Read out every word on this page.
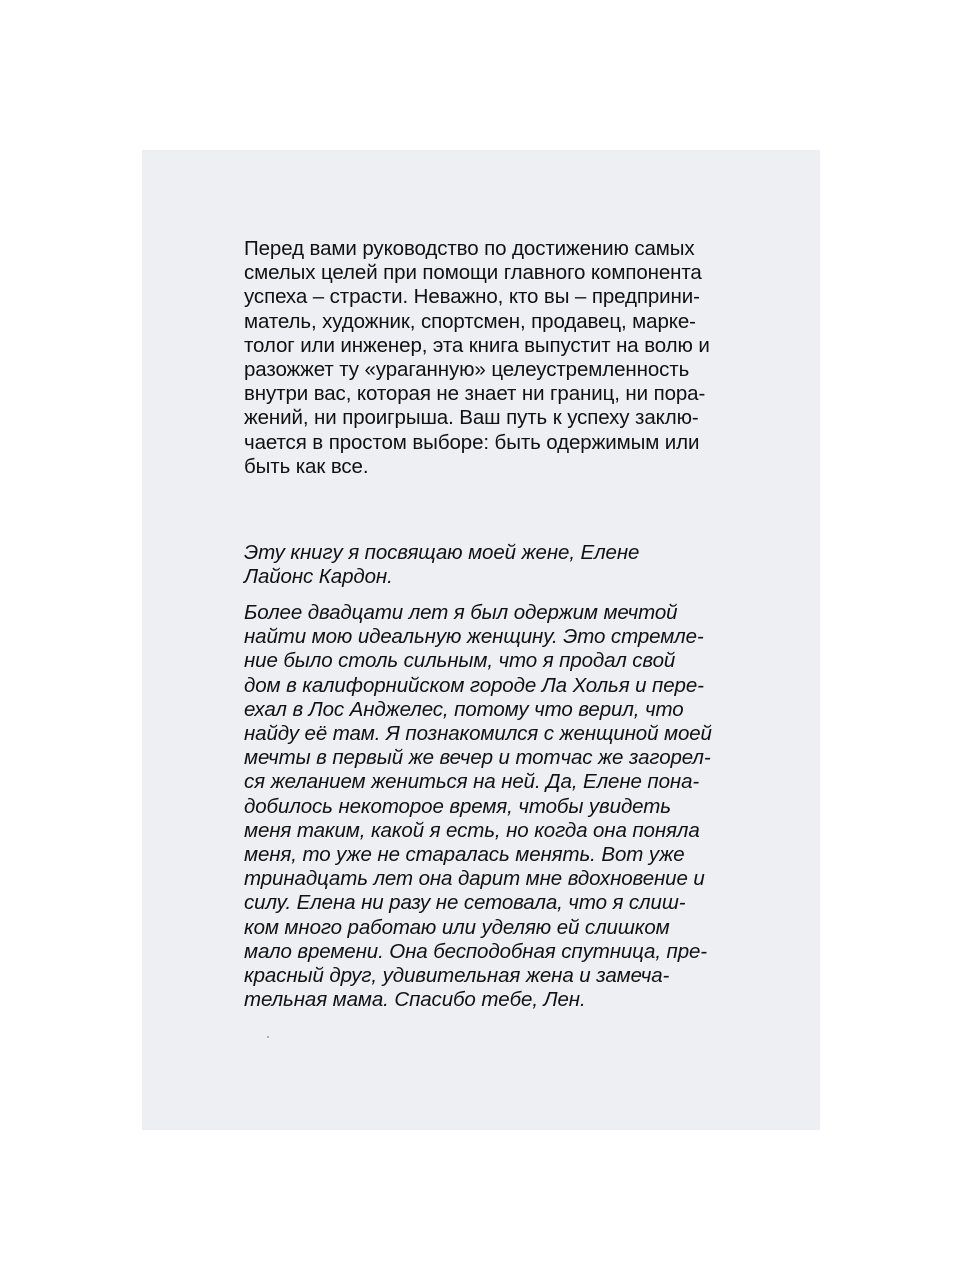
Перед вами руководство по достижению самых
смелых целей при помощи главного компонента
успеха – страсти. Неважно, кто вы – предприни-
матель, художник, спортсмен, продавец, марке-
толог или инженер, эта книга выпустит на волю и
разожжет ту «ураганную» целеустремленность
внутри вас, которая не знает ни границ, ни пора-
жений, ни проигрыша. Ваш путь к успеху заклю-
чается в простом выборе: быть одержимым или
быть как все.
Эту книгу я посвящаю моей жене, Елене
Лайонс Кардон.
Более двадцати лет я был одержим мечтой
найти мою идеальную женщину. Это стремле-
ние было столь сильным, что я продал свой
дом в калифорнийском городе Ла Холья и пере-
ехал в Лос Анджелес, потому что верил, что
найду её там. Я познакомился с женщиной моей
мечты в первый же вечер и тотчас же загорел-
ся желанием жениться на ней. Да, Елене пона-
добилось некоторое время, чтобы увидеть
меня таким, какой я есть, но когда она поняла
меня, то уже не старалась менять. Вот уже
тринадцать лет она дарит мне вдохновение и
силу. Елена ни разу не сетовала, что я слиш-
ком много работаю или уделяю ей слишком
мало времени. Она бесподобная спутница, пре-
красный друг, удивительная жена и замеча-
тельная мама. Спасибо тебе, Лен.
